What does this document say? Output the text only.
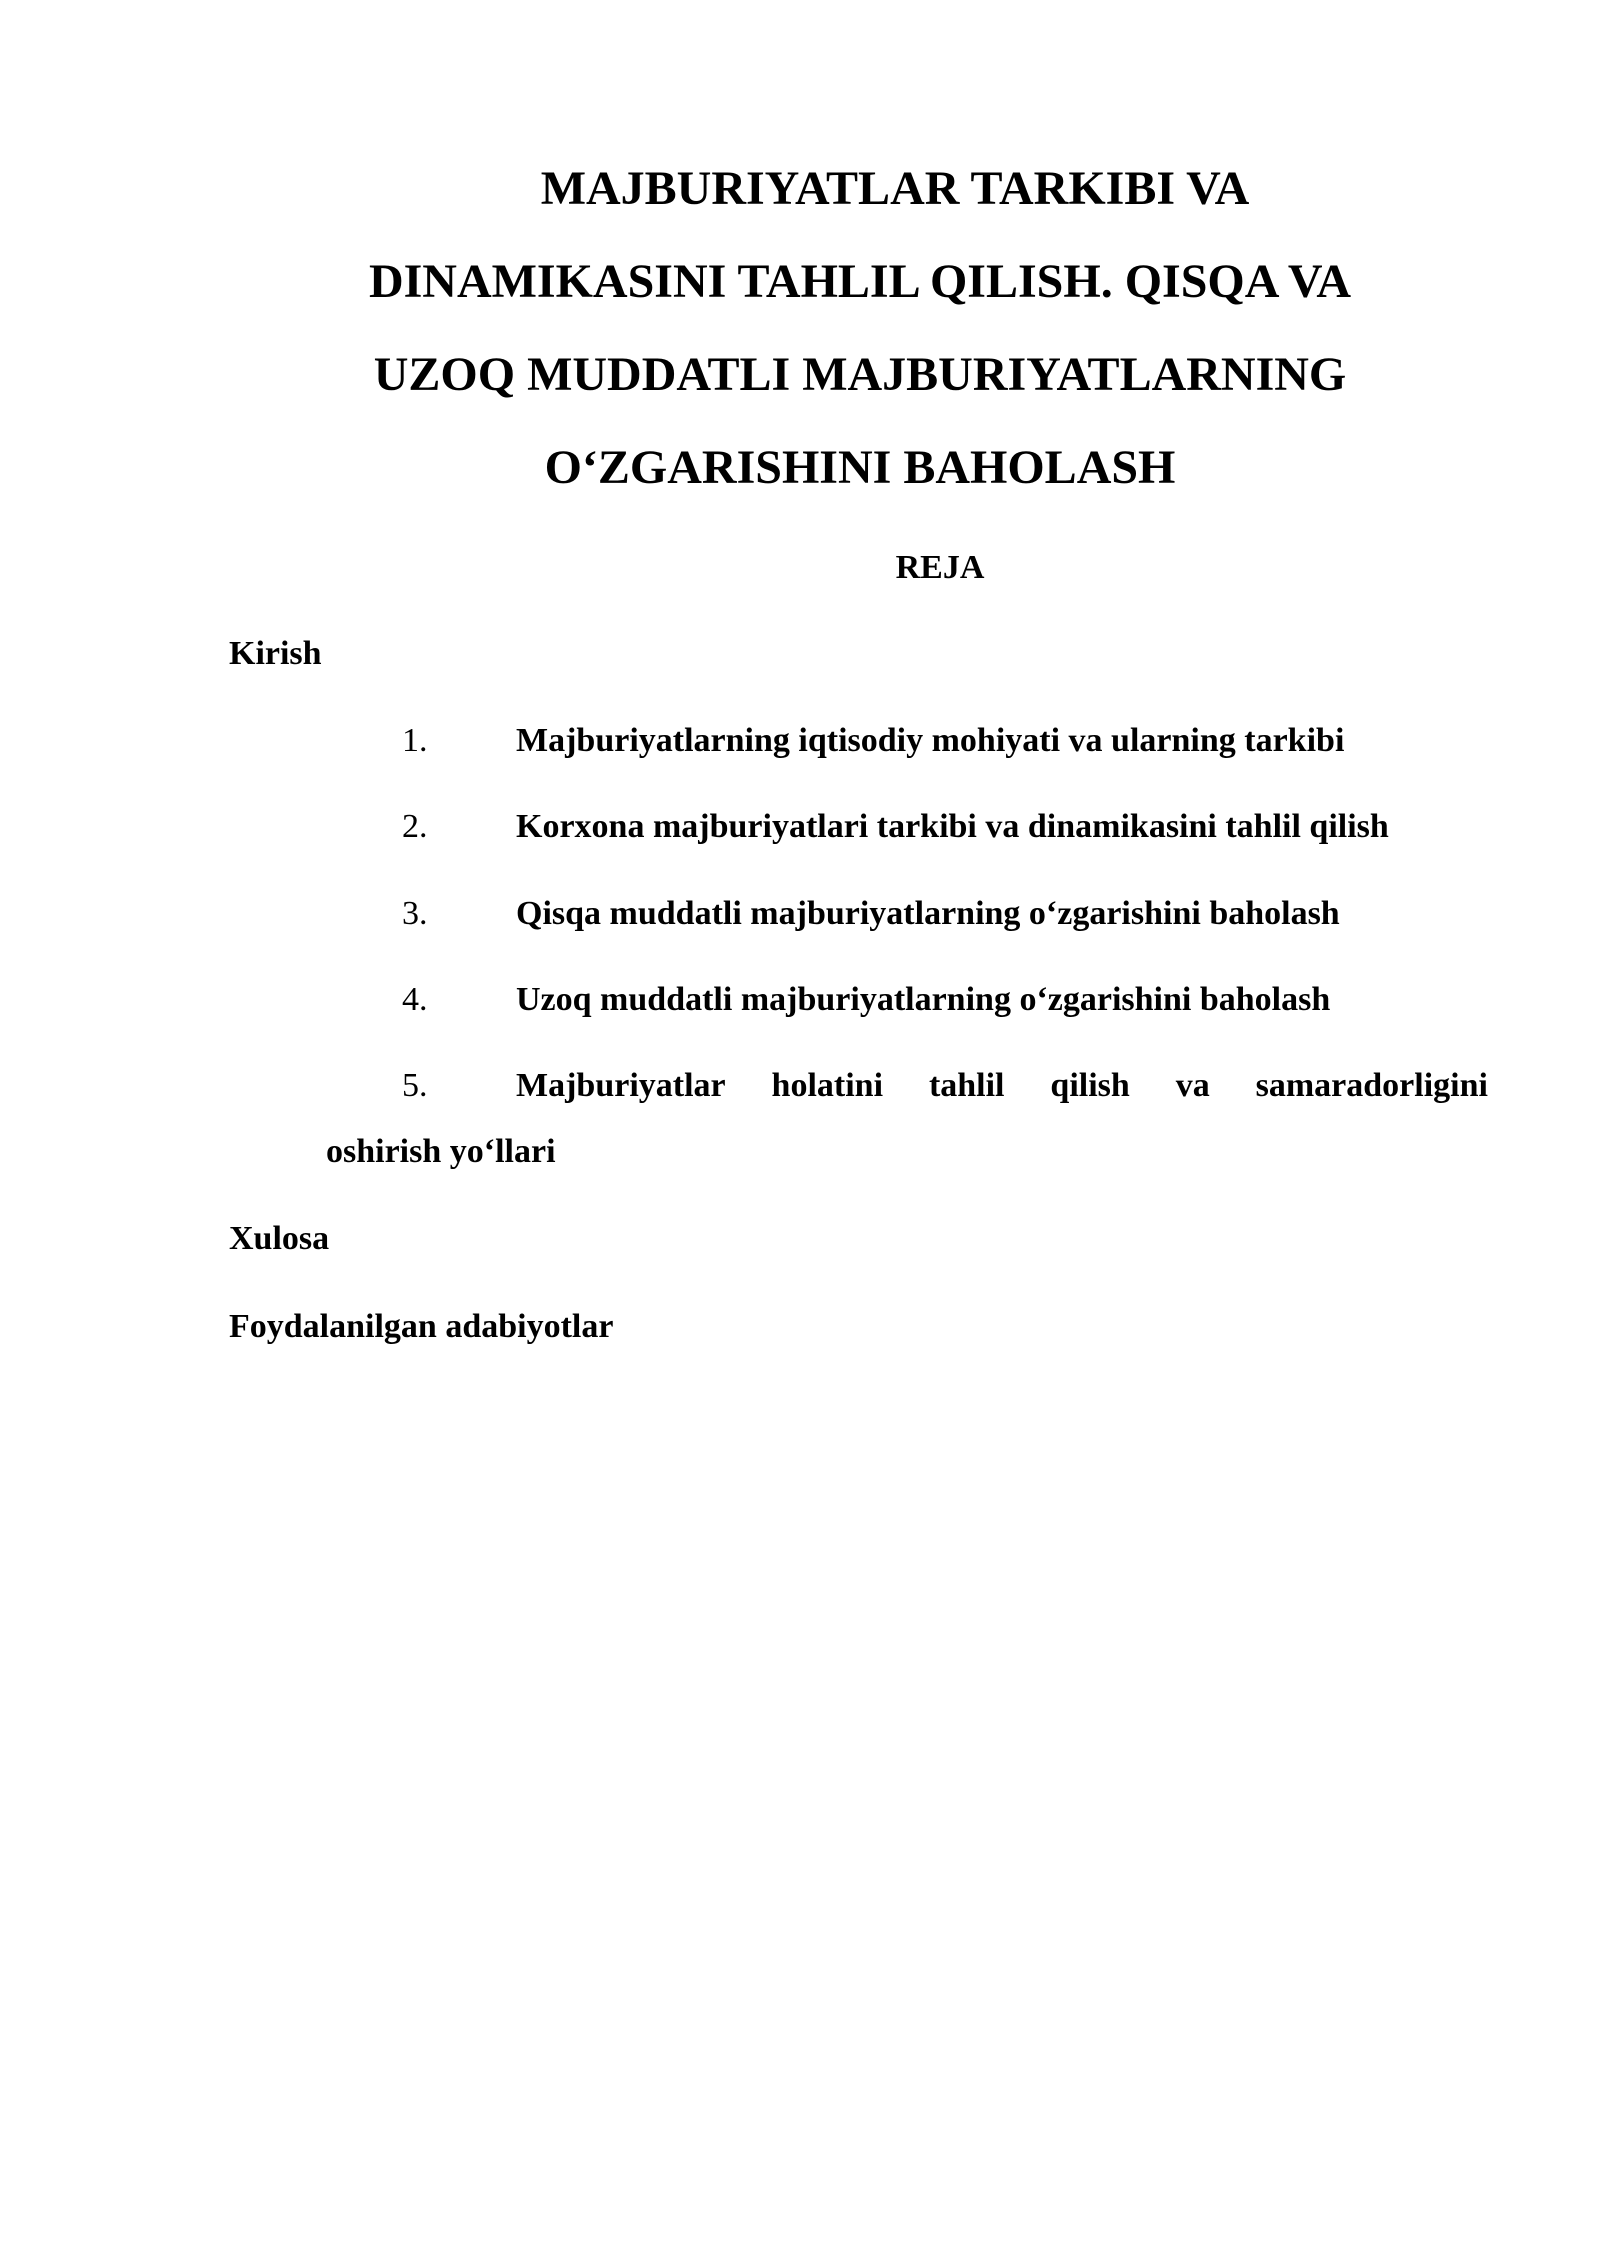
MAJBURIYATLAR TARKIBI VA
DINAMIKASINI TAHLIL QILISH. QISQA VA
UZOQ MUDDATLI MAJBURIYATLARNING
O‘ZGARISHINI BAHOLASH
REJA
Kirish
1.	Majburiyatlarning iqtisodiy mohiyati va ularning tarkibi
2.	Korxona majburiyatlari tarkibi va dinamikasini tahlil qilish
3.	Qisqa muddatli majburiyatlarning o‘zgarishini baholash
4.	Uzoq muddatli majburiyatlarning o‘zgarishini baholash
5.	Majburiyatlar holatini tahlil qilish va samaradorligini
oshirish yo‘llari
Xulosa
Foydalanilgan adabiyotlar
